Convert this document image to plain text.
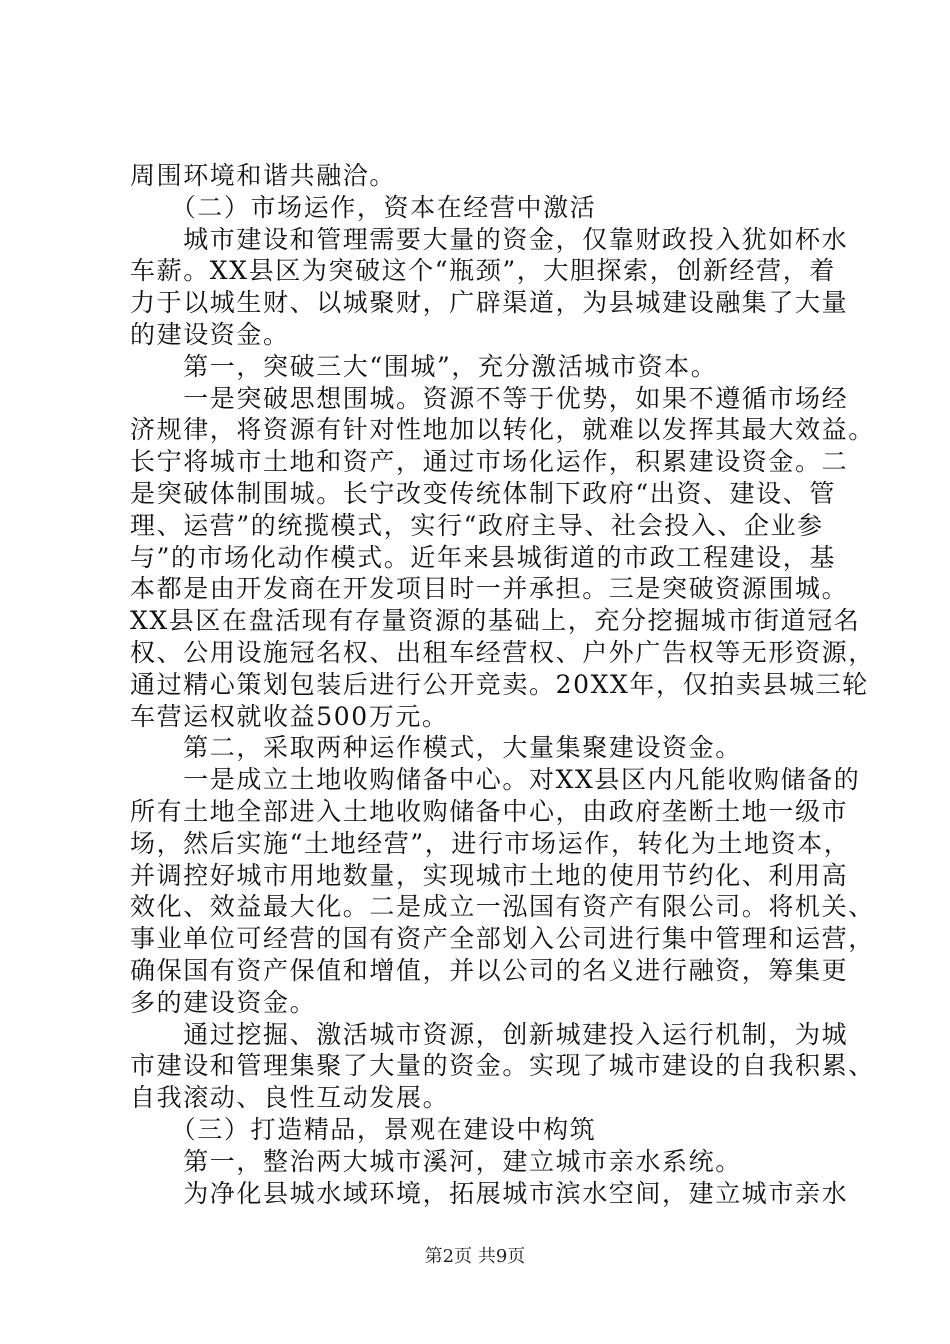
周围环境和谐共融洽。
　　（二）市场运作，资本在经营中激活
　　城市建设和管理需要大量的资金，仅靠财政投入犹如杯水
车薪。XX县区为突破这个“瓶颈”，大胆探索，创新经营，着
力于以城生财、以城聚财，广辟渠道，为县城建设融集了大量
的建设资金。
　　第一，突破三大“围城”，充分激活城市资本。
　　一是突破思想围城。资源不等于优势，如果不遵循市场经
济规律，将资源有针对性地加以转化，就难以发挥其最大效益。
长宁将城市土地和资产，通过市场化运作，积累建设资金。二
是突破体制围城。长宁改变传统体制下政府“出资、建设、管
理、运营”的统揽模式，实行“政府主导、社会投入、企业参
与”的市场化动作模式。近年来县城街道的市政工程建设，基
本都是由开发商在开发项目时一并承担。三是突破资源围城。
XX县区在盘活现有存量资源的基础上，充分挖掘城市街道冠名
权、公用设施冠名权、出租车经营权、户外广告权等无形资源，
通过精心策划包装后进行公开竞卖。20XX年，仅拍卖县城三轮
车营运权就收益500万元。
　　第二，采取两种运作模式，大量集聚建设资金。
　　一是成立土地收购储备中心。对XX县区内凡能收购储备的
所有土地全部进入土地收购储备中心，由政府垄断土地一级市
场，然后实施“土地经营”，进行市场运作，转化为土地资本，
并调控好城市用地数量，实现城市土地的使用节约化、利用高
效化、效益最大化。二是成立一泓国有资产有限公司。将机关、
事业单位可经营的国有资产全部划入公司进行集中管理和运营，
确保国有资产保值和增值，并以公司的名义进行融资，筹集更
多的建设资金。
　　通过挖掘、激活城市资源，创新城建投入运行机制，为城
市建设和管理集聚了大量的资金。实现了城市建设的自我积累、
自我滚动、良性互动发展。
　　（三）打造精品，景观在建设中构筑
　　第一，整治两大城市溪河，建立城市亲水系统。
　　为净化县城水域环境，拓展城市滨水空间，建立城市亲水
第2页 共9页
